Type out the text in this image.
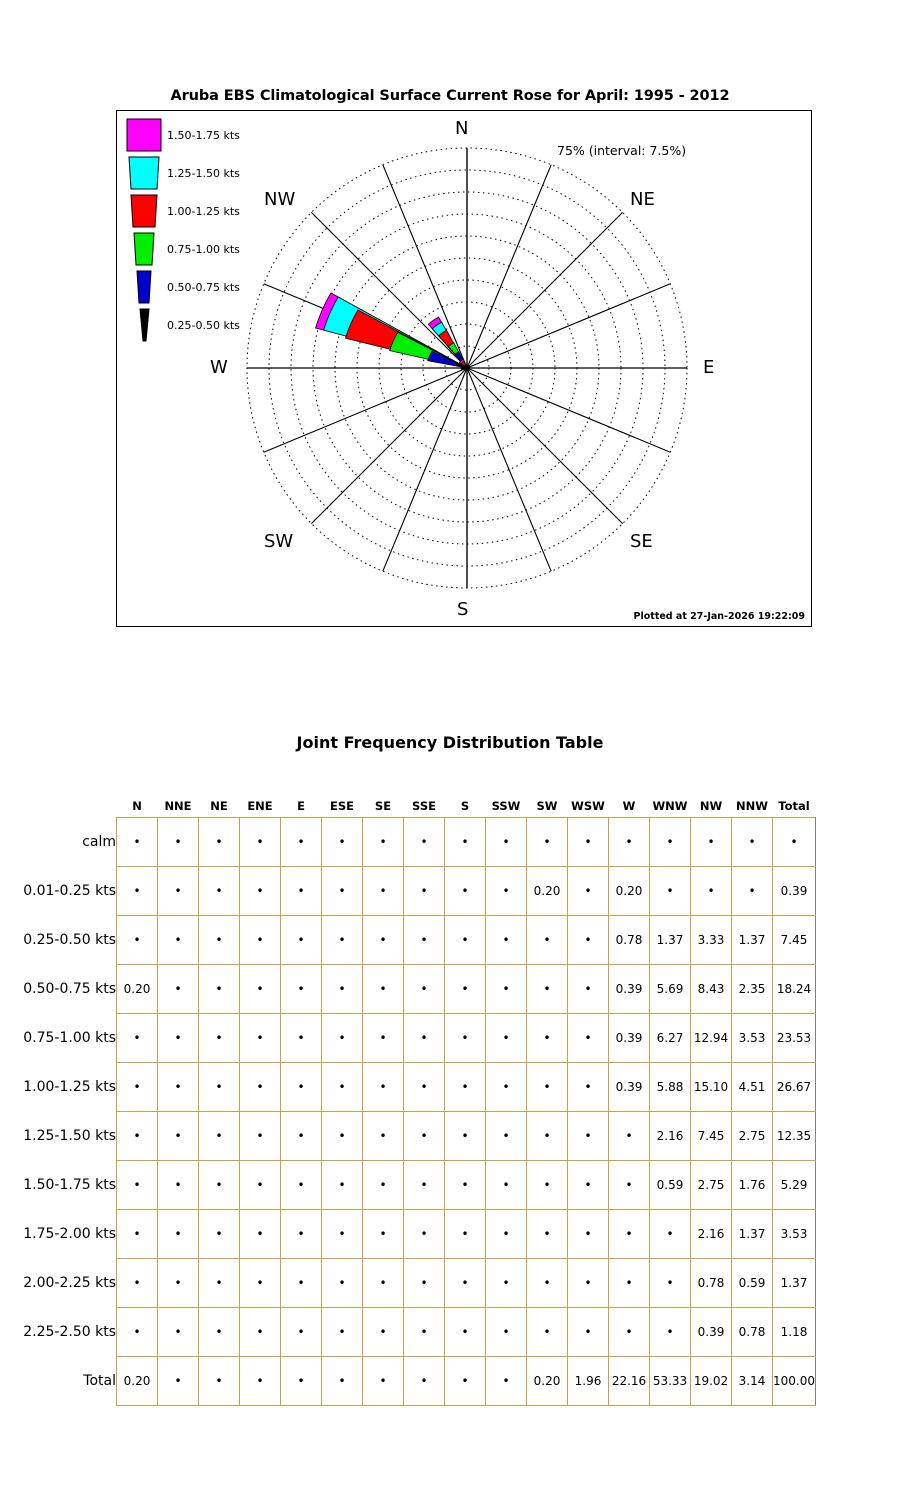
Aruba EBS Climatological Surface Current Rose for April: 1995 - 2012
1.50-1.75 kts
1.25-1.50 kts
1.00-1.25 kts
0.75-1.00 kts
0.50-0.75 kts
0.25-0.50 kts
N
NE
E
SE
S
SW
W
NW
75% (interval: 7.5%)
Plotted at 27-Jan-2026 19:22:09
Joint Frequency Distribution Table
	N	NNE	NE	ENE	E	ESE	SE	SSE	S	SSW	SW	WSW	W	WNW	NW	NNW	Total
calm	•	•	•	•	•	•	•	•	•	•	•	•	•	•	•	•	•
0.01-0.25 kts	•	•	•	•	•	•	•	•	•	•	0.20	•	0.20	•	•	•	0.39
0.25-0.50 kts	•	•	•	•	•	•	•	•	•	•	•	•	0.78	1.37	3.33	1.37	7.45
0.50-0.75 kts	0.20	•	•	•	•	•	•	•	•	•	•	•	0.39	5.69	8.43	2.35	18.24
0.75-1.00 kts	•	•	•	•	•	•	•	•	•	•	•	•	0.39	6.27	12.94	3.53	23.53
1.00-1.25 kts	•	•	•	•	•	•	•	•	•	•	•	•	0.39	5.88	15.10	4.51	26.67
1.25-1.50 kts	•	•	•	•	•	•	•	•	•	•	•	•	•	2.16	7.45	2.75	12.35
1.50-1.75 kts	•	•	•	•	•	•	•	•	•	•	•	•	•	0.59	2.75	1.76	5.29
1.75-2.00 kts	•	•	•	•	•	•	•	•	•	•	•	•	•	•	2.16	1.37	3.53
2.00-2.25 kts	•	•	•	•	•	•	•	•	•	•	•	•	•	•	0.78	0.59	1.37
2.25-2.50 kts	•	•	•	•	•	•	•	•	•	•	•	•	•	•	0.39	0.78	1.18
Total	0.20	•	•	•	•	•	•	•	•	•	0.20	1.96	22.16	53.33	19.02	3.14	100.00
